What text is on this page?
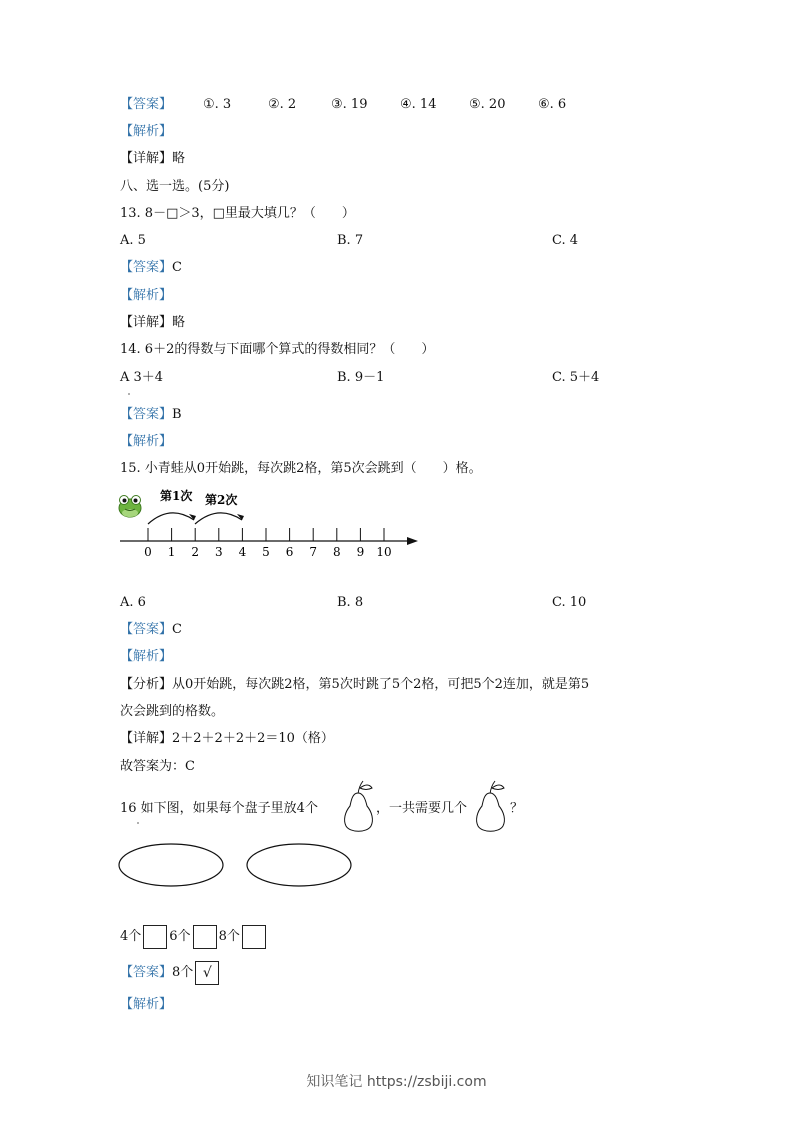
【答案】 ①. 3	②. 2	③. 19	④. 14	⑤. 20	⑥. 6
【解析】
【详解】略
八、选一选。(5分)
13. 8－□＞3，□里最大填几？（　　）
A. 5	B. 7	C. 4
【答案】C
【解析】
【详解】略
14. 6＋2的得数与下面哪个算式的得数相同？（　　）
A 3＋4	B. 9－1	C. 5＋4
【答案】B
【解析】
15. 小青蛙从0开始跳，每次跳2格，第5次会跳到（　　）格。
第1次 第2次
0 1 2 3 4 5 6 7 8 9 10
A. 6	B. 8	C. 10
【答案】C
【解析】
【分析】从0开始跳，每次跳2格，第5次时跳了5个2格，可把5个2连加，就是第5
次会跳到的格数。
【详解】2＋2＋2＋2＋2＝10（格）
故答案为：C
16 如下图，如果每个盘子里放4个	，一共需要几个	？
4个 6个 8个
【答案】8个 √
【解析】
知识笔记 https://zsbiji.com
